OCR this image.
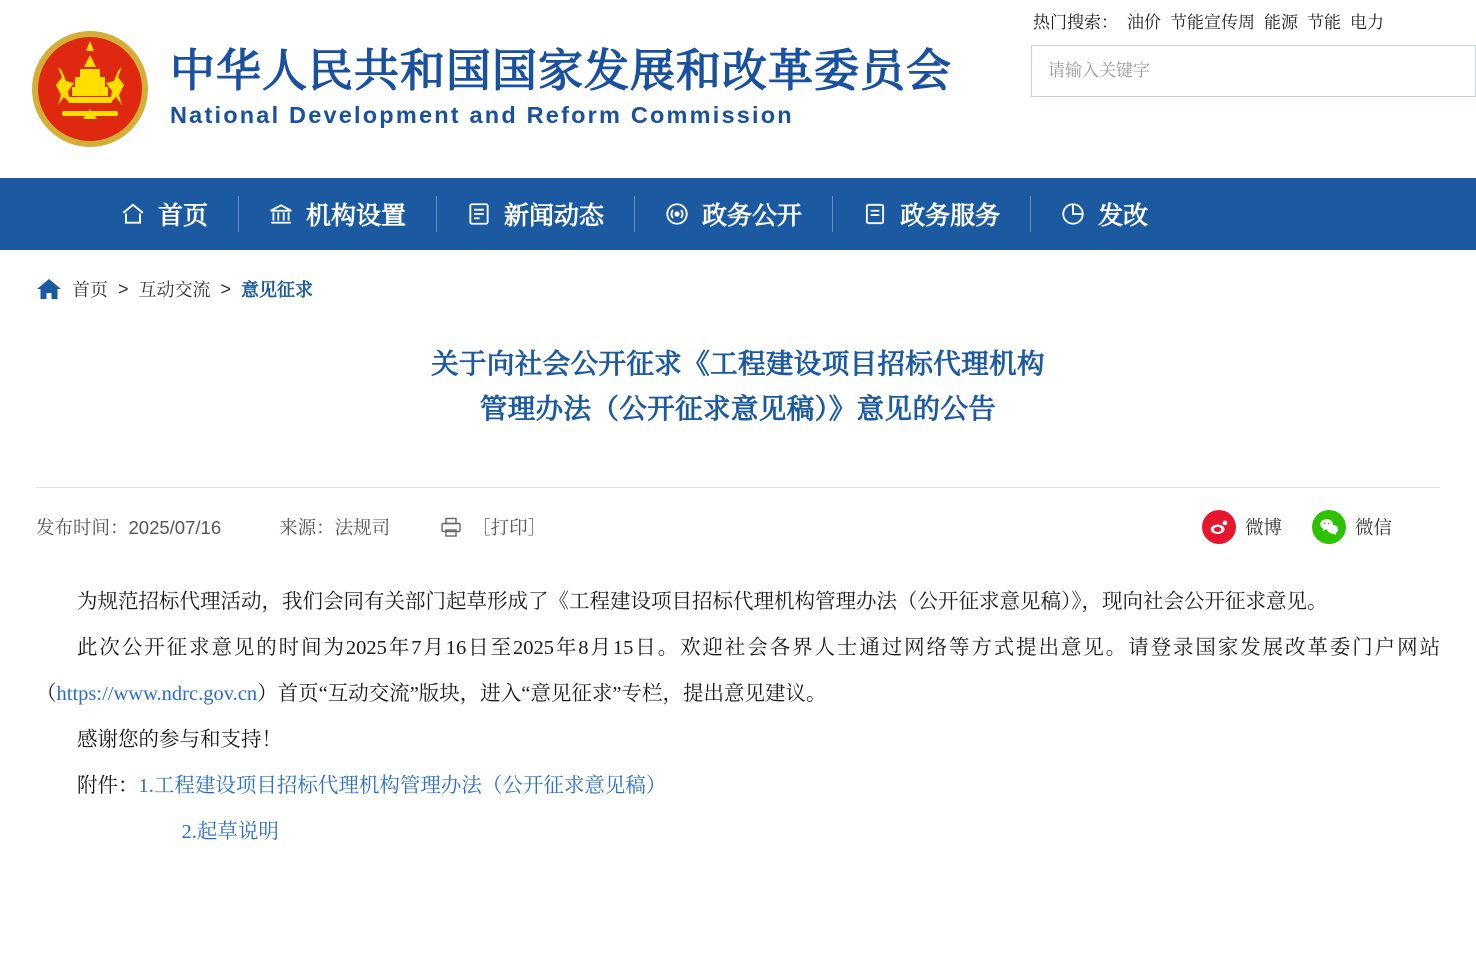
中华人民共和国国家发展和改革委员会
National Development and Reform Commission
热门搜索： 油价 节能宣传周 能源 节能 电力
请输入关键字
首页	机构设置	新闻动态	政务公开	政务服务	发改
首页 > 互动交流 > 意见征求
关于向社会公开征求《工程建设项目招标代理机构
管理办法（公开征求意见稿）》意见的公告
发布时间：2025/07/16	来源：法规司	［打印］	微博	微信

为规范招标代理活动，我们会同有关部门起草形成了《工程建设项目招标代理机构管理办法（公开征求意见稿）》，现向社会公开征求意见。

此次公开征求意见的时间为2025年7月16日至2025年8月15日。欢迎社会各界人士通过网络等方式提出意见。请登录国家发展改革委门户网站（https://www.ndrc.gov.cn）首页“互动交流”版块，进入“意见征求”专栏，提出意见建议。

感谢您的参与和支持！

附件：1.工程建设项目招标代理机构管理办法（公开征求意见稿）

2.起草说明
